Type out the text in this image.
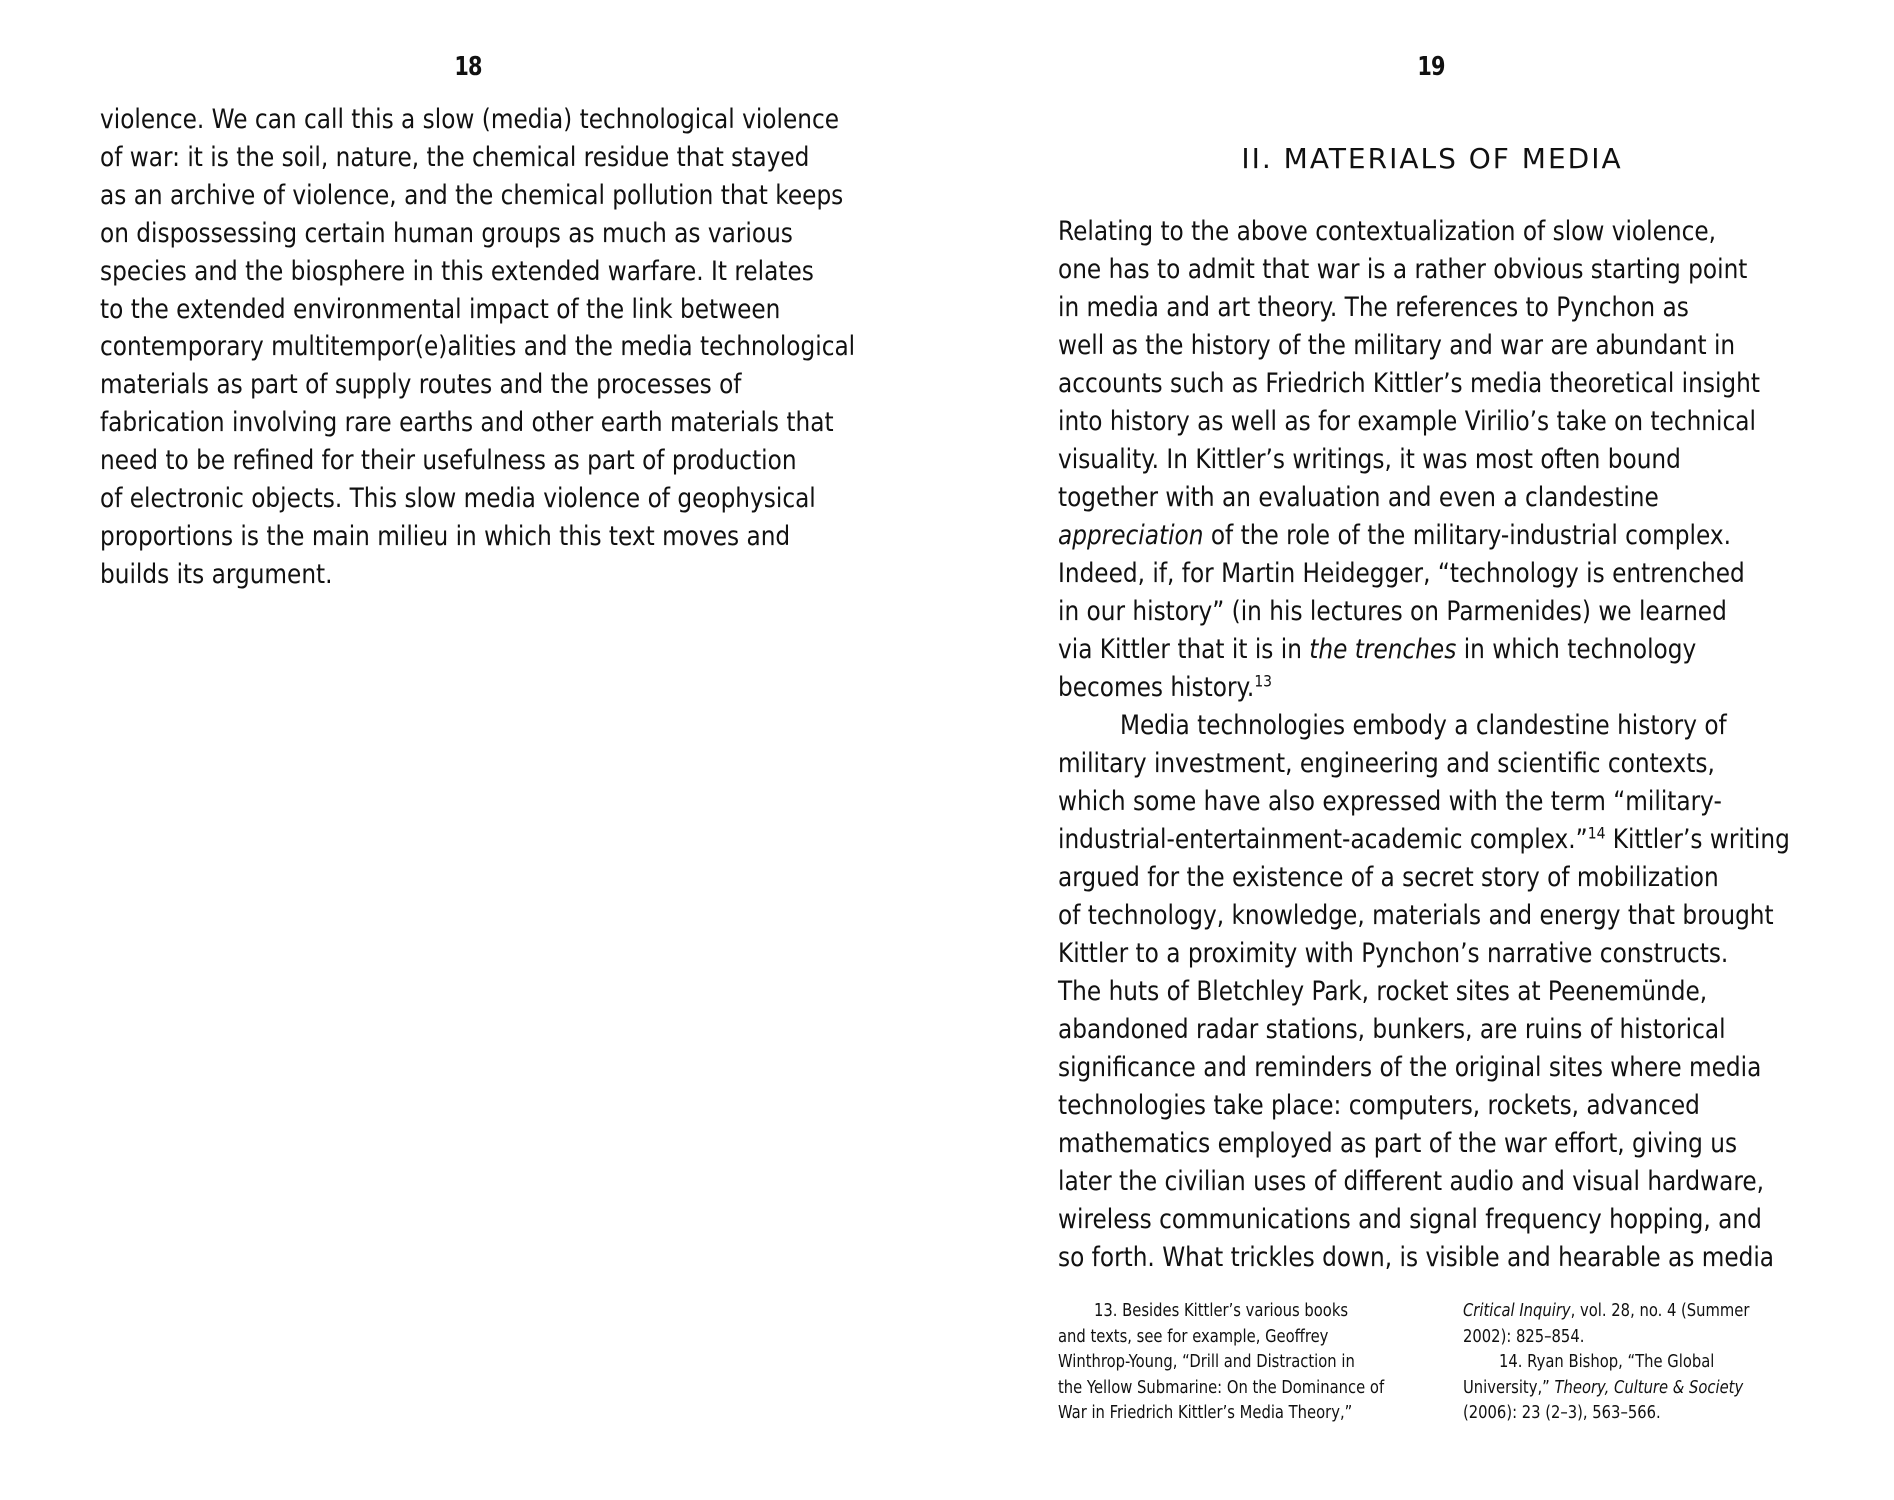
18
violence. We can call this a slow (media) technological violence
of war: it is the soil, nature, the chemical residue that stayed
as an archive of violence, and the chemical pollution that keeps
on dispossessing certain human groups as much as various
species and the biosphere in this extended warfare. It relates
to the extended environmental impact of the link between
contemporary multitempor(e)alities and the media technological
materials as part of supply routes and the processes of
fabrication involving rare earths and other earth materials that
need to be refined for their usefulness as part of production
of electronic objects. This slow media violence of geophysical
proportions is the main milieu in which this text moves and
builds its argument.
19
II. MATERIALS OF MEDIA
Relating to the above contextualization of slow violence,
one has to admit that war is a rather obvious starting point
in media and art theory. The references to Pynchon as
well as the history of the military and war are abundant in
accounts such as Friedrich Kittler’s media theoretical insight
into history as well as for example Virilio’s take on technical
visuality. In Kittler’s writings, it was most often bound
together with an evaluation and even a clandestine
appreciation of the role of the military-industrial complex.
Indeed, if, for Martin Heidegger, “technology is entrenched
in our history” (in his lectures on Parmenides) we learned
via Kittler that it is in the trenches in which technology
becomes history.$^{13}$
Media technologies embody a clandestine history of
military investment, engineering and scientific contexts,
which some have also expressed with the term “military-
industrial-entertainment-academic complex.”$^{14}$ Kittler’s writing
argued for the existence of a secret story of mobilization
of technology, knowledge, materials and energy that brought
Kittler to a proximity with Pynchon’s narrative constructs.
The huts of Bletchley Park, rocket sites at Peenemünde,
abandoned radar stations, bunkers, are ruins of historical
significance and reminders of the original sites where media
technologies take place: computers, rockets, advanced
mathematics employed as part of the war effort, giving us
later the civilian uses of different audio and visual hardware,
wireless communications and signal frequency hopping, and
so forth. What trickles down, is visible and hearable as media
13. Besides Kittler’s various books
and texts, see for example, Geoffrey
Winthrop-Young, “Drill and Distraction in
the Yellow Submarine: On the Dominance of
War in Friedrich Kittler’s Media Theory,”
Critical Inquiry, vol. 28, no. 4 (Summer
2002): 825–854.
14. Ryan Bishop, “The Global
University,” Theory, Culture & Society
(2006): 23 (2–3), 563–566.
